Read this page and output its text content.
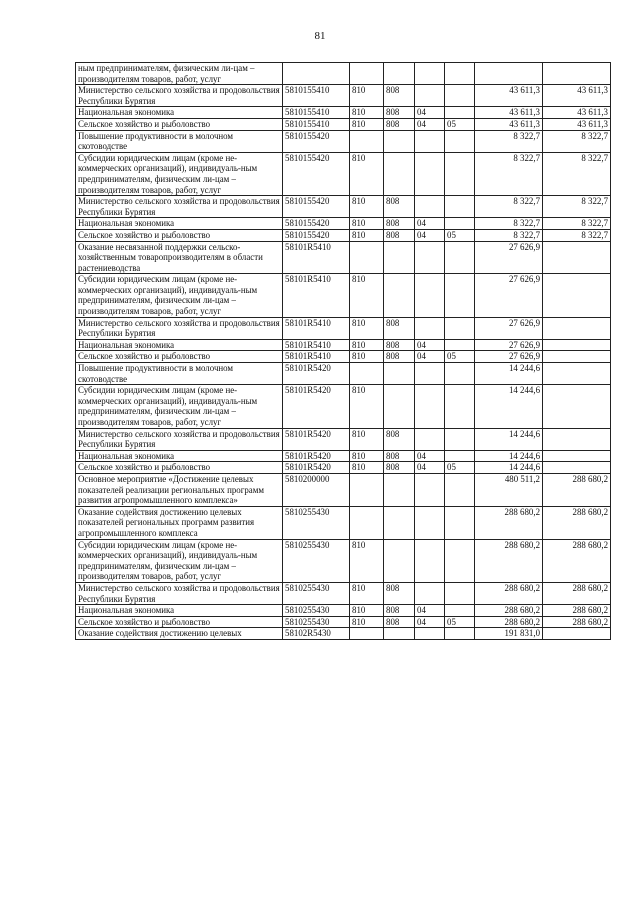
81
ным предпринимателям, физическим ли-цам – производителям товаров, работ, услуг							
Министерство сельского хозяйства и продовольствия Республики Бурятия	5810155410	810	808			43 611,3	43 611,3
Национальная экономика	5810155410	810	808	04		43 611,3	43 611,3
Сельское хозяйство и рыболовство	5810155410	810	808	04	05	43 611,3	43 611,3
Повышение продуктивности в молочном скотоводстве	5810155420					8 322,7	8 322,7
Субсидии юридическим лицам (кроме не-коммерческих организаций), индивидуаль-ным предпринимателям, физическим ли-цам – производителям товаров, работ, услуг	5810155420	810				8 322,7	8 322,7
Министерство сельского хозяйства и продовольствия Республики Бурятия	5810155420	810	808			8 322,7	8 322,7
Национальная экономика	5810155420	810	808	04		8 322,7	8 322,7
Сельское хозяйство и рыболовство	5810155420	810	808	04	05	8 322,7	8 322,7
Оказание несвязанной поддержки сельско-хозяйственным товаропроизводителям в области растениеводства	58101R5410					27 626,9	
Субсидии юридическим лицам (кроме не-коммерческих организаций), индивидуаль-ным предпринимателям, физическим ли-цам – производителям товаров, работ, услуг	58101R5410	810				27 626,9	
Министерство сельского хозяйства и продовольствия Республики Бурятия	58101R5410	810	808			27 626,9	
Национальная экономика	58101R5410	810	808	04		27 626,9	
Сельское хозяйство и рыболовство	58101R5410	810	808	04	05	27 626,9	
Повышение продуктивности в молочном скотоводстве	58101R5420					14 244,6	
Субсидии юридическим лицам (кроме не-коммерческих организаций), индивидуаль-ным предпринимателям, физическим ли-цам – производителям товаров, работ, услуг	58101R5420	810				14 244,6	
Министерство сельского хозяйства и продовольствия Республики Бурятия	58101R5420	810	808			14 244,6	
Национальная экономика	58101R5420	810	808	04		14 244,6	
Сельское хозяйство и рыболовство	58101R5420	810	808	04	05	14 244,6	
Основное мероприятие «Достижение целевых показателей реализации региональных программ развития агропромышленного комплекса»	5810200000					480 511,2	288 680,2
Оказание содействия достижению целевых показателей региональных программ развития агропромышленного комплекса	5810255430					288 680,2	288 680,2
Субсидии юридическим лицам (кроме не-коммерческих организаций), индивидуаль-ным предпринимателям, физическим ли-цам – производителям товаров, работ, услуг	5810255430	810				288 680,2	288 680,2
Министерство сельского хозяйства и продовольствия Республики Бурятия	5810255430	810	808			288 680,2	288 680,2
Национальная экономика	5810255430	810	808	04		288 680,2	288 680,2
Сельское хозяйство и рыболовство	5810255430	810	808	04	05	288 680,2	288 680,2
Оказание содействия достижению целевых	58102R5430					191 831,0	
